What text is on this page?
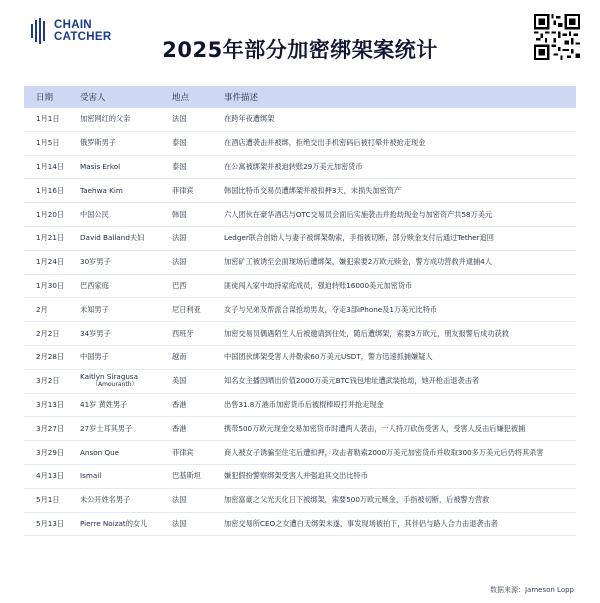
CHAIN
CATCHER
2025年部分加密绑架案统计
日期	受害人	地点	事件描述
1月1日	加密网红的父亲	法国	在跨年夜遭绑架
1月5日	俄罗斯男子	泰国	在酒店遭袭击并被绑，拒绝交出手机密码后被打晕并被抢走现金
1月14日	Masis Erkol	泰国	在公寓被绑架并被迫转账29万美元加密货币
1月16日	Taehwa Kim	菲律宾	韩国比特币交易员遭绑架并被扣押3天，未损失加密资产
1月20日	中国公民	韩国	六人团伙在豪华酒店与OTC交易员会面后实施袭击并抢劫现金与加密资产共58万美元
1月21日	David Balland夫妇	法国	Ledger联合创始人与妻子被绑架勒索，手指被切断，部分赎金支付后通过Tether追回
1月24日	30岁男子	法国	加密矿工被诱至会面现场后遭绑架，嫌犯索要2万欧元赎金，警方成功营救并逮捕4人
1月30日	巴西家庭	巴西	匪徒闯入家中劫持家庭成员，强迫转账16000美元加密货币
2月	未知男子	尼日利亚	女子与兄弟及帮派合谋抢劫男友，夺走3部iPhone及1万美元比特币
2月2日	34岁男子	西班牙	加密交易员偶遇陌生人后被邀请到住处，随后遭绑架，索要3万欧元，朋友报警后成功获救
2月28日	中国男子	越南	中国团伙绑架受害人并勒索60万美元USDT，警方迅速抓捕嫌疑人
3月2日	Kaitlyn Siragusa
（Amouranth）	美国	知名女主播因晒出价值2000万美元BTC钱包地址遭武装抢劫，她开枪击退袭击者
3月13日	41岁 黄姓男子	香港	出售31.8万港币加密货币后被棍棒殴打并抢走现金
3月27日	27岁土耳其男子	香港	携带500万欧元现金交易加密货币时遭两人袭击，一人持刀砍伤受害人，受害人反击后嫌犯被捕
3月29日	Anson Que	菲律宾	商人被女子诱骗至住宅后遭扣押，攻击者勒索2000万美元加密货币并收取300多万美元后仍将其杀害
4月13日	Ismail	巴基斯坦	嫌犯假扮警察绑架受害人并强迫其交出比特币
5月1日	未公开姓名男子	法国	加密富豪之父光天化日下被绑架，索要500万欧元赎金，手指被切断，后被警方营救
5月13日	Pierre Noizat的女儿	法国	加密交易所CEO之女遭白天绑架未遂，事发现场被拍下，其伴侣与路人合力击退袭击者
数据来源：Jameson Lopp
